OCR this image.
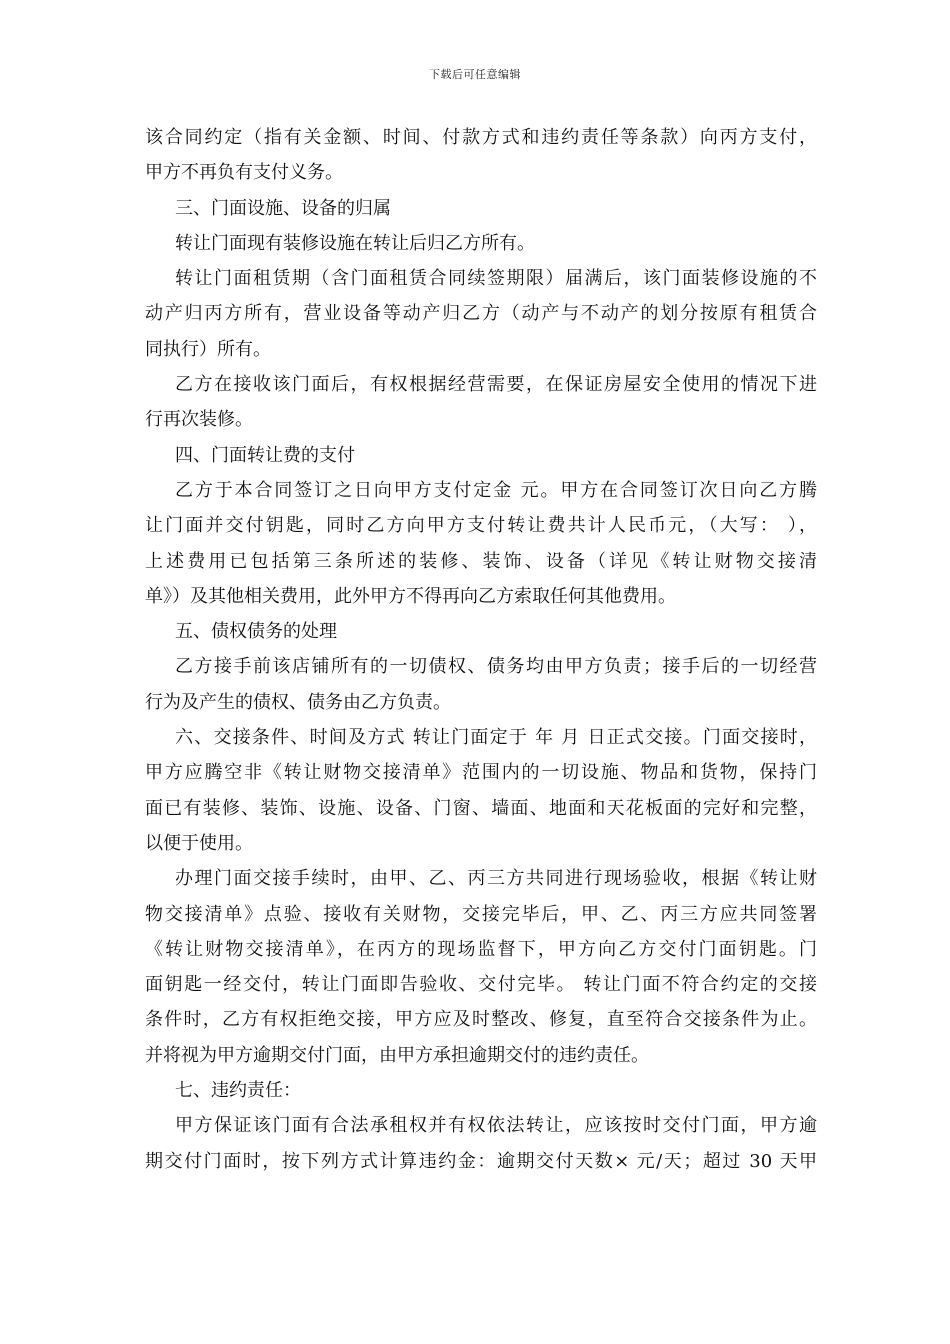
下载后可任意编辑
该合同约定（指有关金额、时间、付款方式和违约责任等条款）向丙方支付，
甲方不再负有支付义务。
三、门面设施、设备的归属
转让门面现有装修设施在转让后归乙方所有。
转让门面租赁期（含门面租赁合同续签期限）届满后，该门面装修设施的不
动产归丙方所有，营业设备等动产归乙方（动产与不动产的划分按原有租赁合
同执行）所有。
乙方在接收该门面后，有权根据经营需要，在保证房屋安全使用的情况下进
行再次装修。
四、门面转让费的支付
乙方于本合同签订之日向甲方支付定金 元。甲方在合同签订次日向乙方腾
让门面并交付钥匙，同时乙方向甲方支付转让费共计人民币元，（大写： ），
上述费用已包括第三条所述的装修、装饰、设备（详见《转让财物交接清
单》）及其他相关费用，此外甲方不得再向乙方索取任何其他费用。
五、债权债务的处理
乙方接手前该店铺所有的一切债权、债务均由甲方负责；接手后的一切经营
行为及产生的债权、债务由乙方负责。
六、交接条件、时间及方式 转让门面定于 年 月 日正式交接。门面交接时，
甲方应腾空非《转让财物交接清单》范围内的一切设施、物品和货物，保持门
面已有装修、装饰、设施、设备、门窗、墙面、地面和天花板面的完好和完整，
以便于使用。
办理门面交接手续时，由甲、乙、丙三方共同进行现场验收，根据《转让财
物交接清单》点验、接收有关财物，交接完毕后，甲、乙、丙三方应共同签署
《转让财物交接清单》，在丙方的现场监督下，甲方向乙方交付门面钥匙。门
面钥匙一经交付，转让门面即告验收、交付完毕。 转让门面不符合约定的交接
条件时，乙方有权拒绝交接，甲方应及时整改、修复，直至符合交接条件为止。
并将视为甲方逾期交付门面，由甲方承担逾期交付的违约责任。
七、违约责任：
甲方保证该门面有合法承租权并有权依法转让，应该按时交付门面，甲方逾
期交付门面时，按下列方式计算违约金：逾期交付天数× 元/天；超过 30 天甲
